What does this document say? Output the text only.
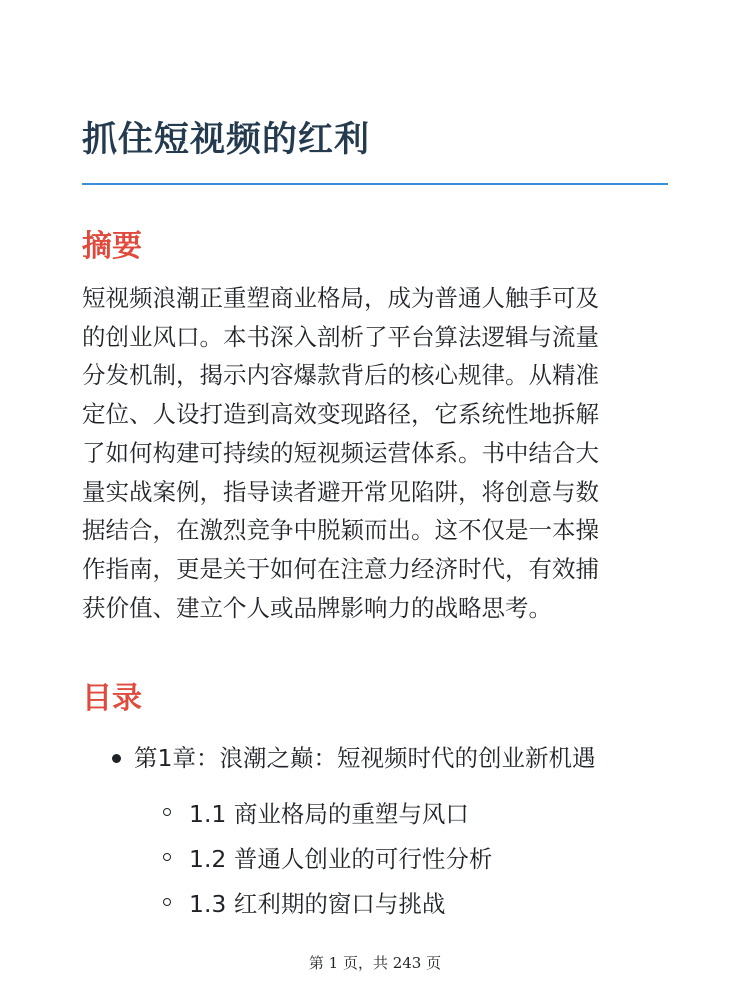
抓住短视频的红利
摘要

短视频浪潮正重塑商业格局，成为普通人触手可及
的创业风口。本书深入剖析了平台算法逻辑与流量
分发机制，揭示内容爆款背后的核心规律。从精准
定位、人设打造到高效变现路径，它系统性地拆解
了如何构建可持续的短视频运营体系。书中结合大
量实战案例，指导读者避开常见陷阱，将创意与数
据结合，在激烈竞争中脱颖而出。这不仅是一本操
作指南，更是关于如何在注意力经济时代，有效捕
获价值、建立个人或品牌影响力的战略思考。

目录
第1章：浪潮之巅：短视频时代的创业新机遇
1.1 商业格局的重塑与风口
1.2 普通人创业的可行性分析
1.3 红利期的窗口与挑战
第 1 页，共 243 页
